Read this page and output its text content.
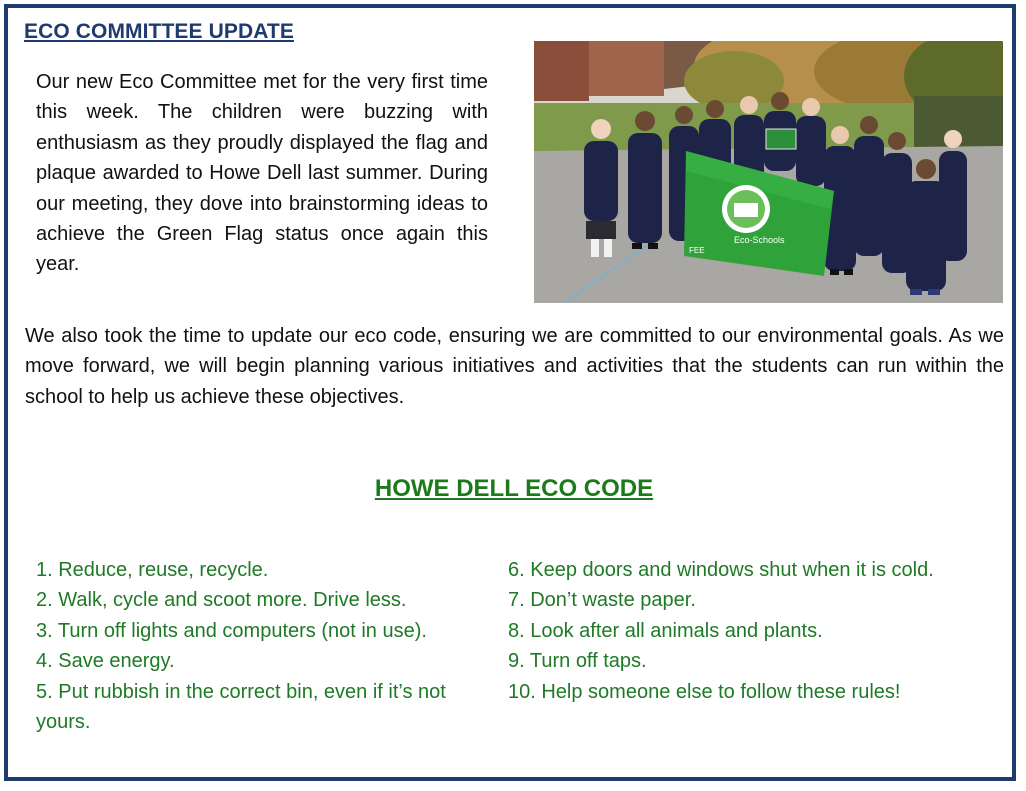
ECO COMMITTEE UPDATE
Our new Eco Committee met for the very first time this week. The children were buzzing with enthusiasm as they proudly displayed the flag and plaque awarded to Howe Dell last summer. During our meeting, they dove into brainstorming ideas to achieve the Green Flag status once again this year.
Eco-Schools
FEE
We also took the time to update our eco code, ensuring we are committed to our environmental goals. As we move forward, we will begin planning various initiatives and activities that the students can run within the school to help us achieve these objectives.
HOWE DELL ECO CODE
1. Reduce, reuse, recycle.
2. Walk, cycle and scoot more. Drive less.
3. Turn off lights and computers (not in use).
4. Save energy.
5. Put rubbish in the correct bin, even if it’s not yours.
6. Keep doors and windows shut when it is cold.
7. Don’t waste paper.
8. Look after all animals and plants.
9. Turn off taps.
10. Help someone else to follow these rules!
